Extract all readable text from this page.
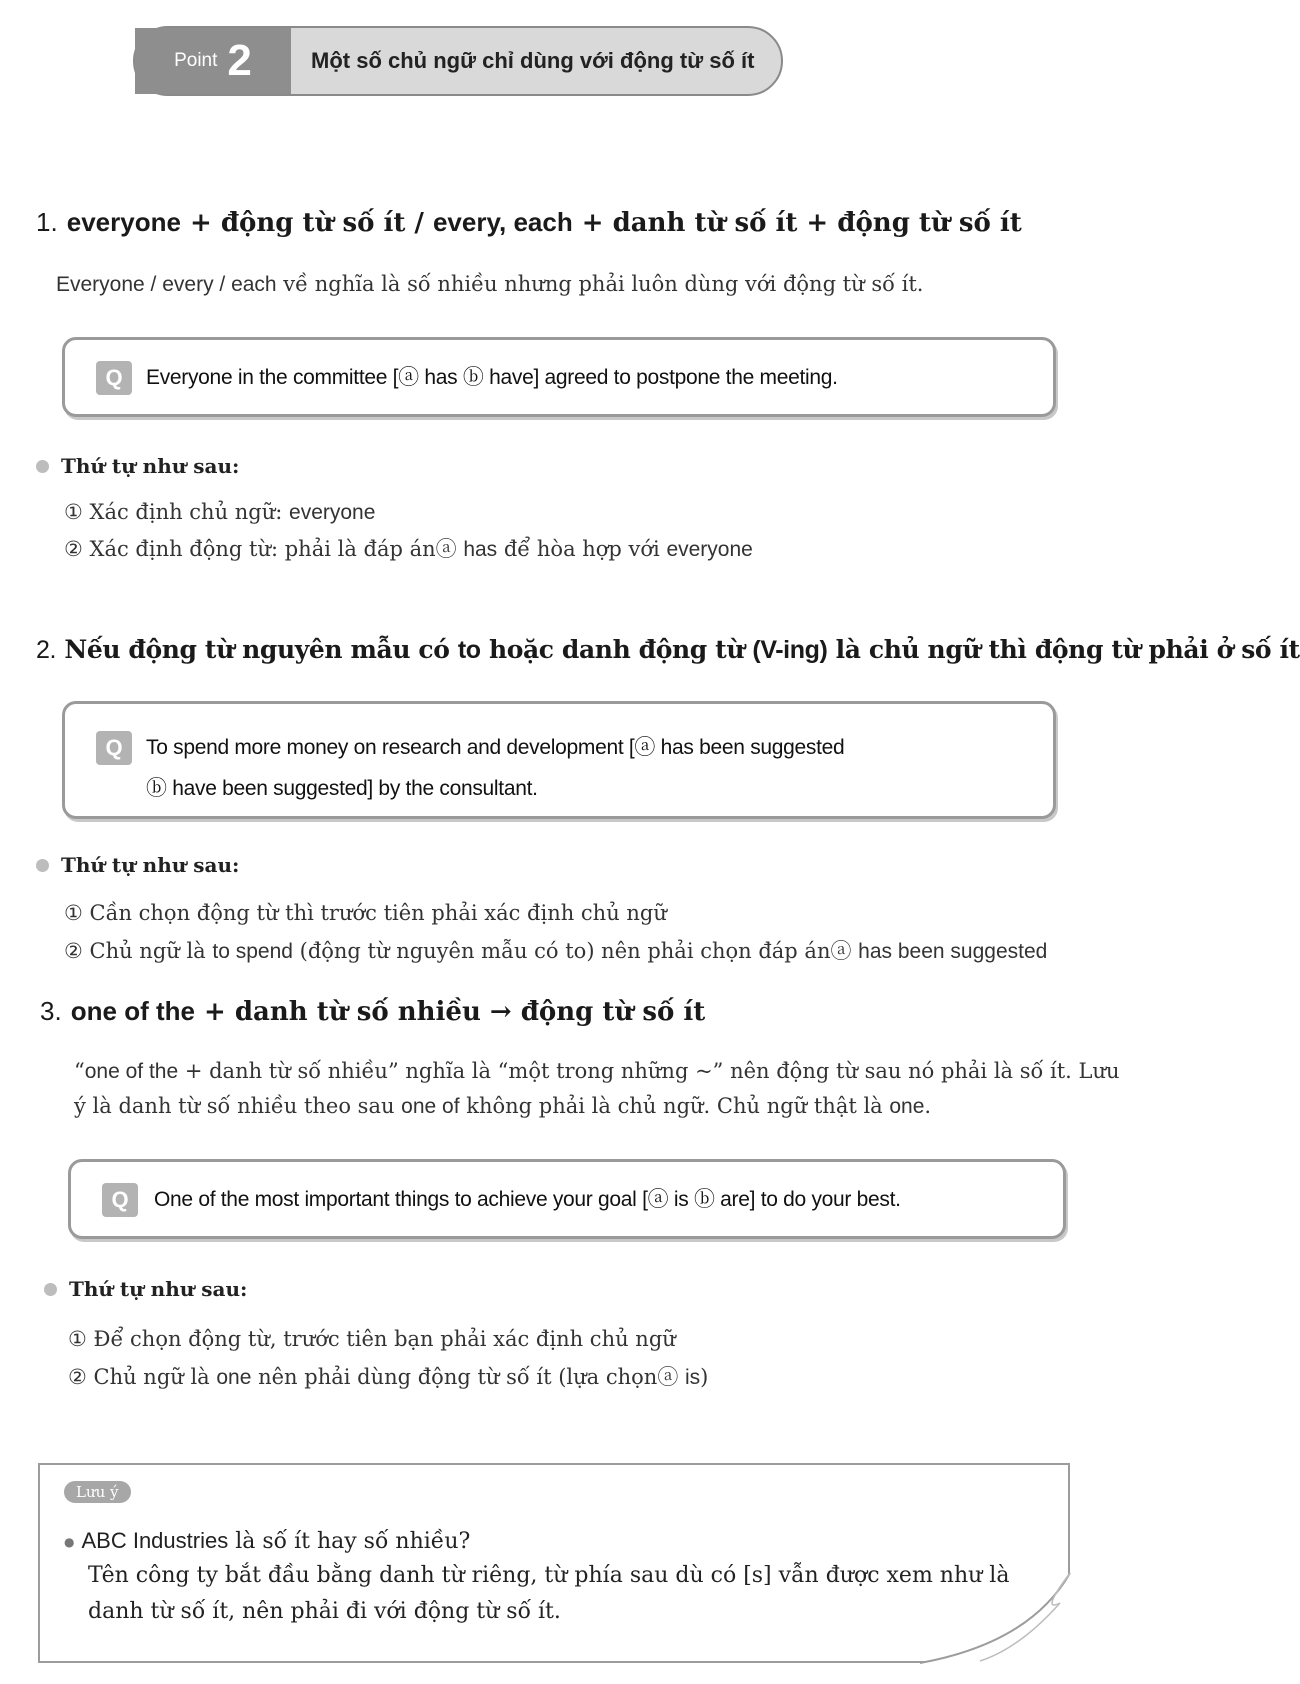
Point 2	Một số chủ ngữ chỉ dùng với động từ số ít
1. everyone + động từ số ít / every, each + danh từ số ít + động từ số ít
Everyone / every / each về nghĩa là số nhiều nhưng phải luôn dùng với động từ số ít.
Q	Everyone in the committee [ⓐ has ⓑ have] agreed to postpone the meeting.
Thứ tự như sau:
① Xác định chủ ngữ: everyone
② Xác định động từ: phải là đáp ánⓐ has để hòa hợp với everyone
2. Nếu động từ nguyên mẫu có to hoặc danh động từ (V-ing) là chủ ngữ thì động từ phải ở số ít
Q	To spend more money on research and development [ⓐ has been suggested
ⓑ have been suggested] by the consultant.
Thứ tự như sau:
① Cần chọn động từ thì trước tiên phải xác định chủ ngữ
② Chủ ngữ là to spend (động từ nguyên mẫu có to) nên phải chọn đáp ánⓐ has been suggested
3. one of the + danh từ số nhiều → động từ số ít
“one of the + danh từ số nhiều” nghĩa là “một trong những ~” nên động từ sau nó phải là số ít. Lưu
ý là danh từ số nhiều theo sau one of không phải là chủ ngữ. Chủ ngữ thật là one.
Q	One of the most important things to achieve your goal [ⓐ is ⓑ are] to do your best.
Thứ tự như sau:
① Để chọn động từ, trước tiên bạn phải xác định chủ ngữ
② Chủ ngữ là one nên phải dùng động từ số ít (lựa chọnⓐ is)
Lưu ý
● ABC Industries là số ít hay số nhiều?
Tên công ty bắt đầu bằng danh từ riêng, từ phía sau dù có [s] vẫn được xem như là
danh từ số ít, nên phải đi với động từ số ít.
